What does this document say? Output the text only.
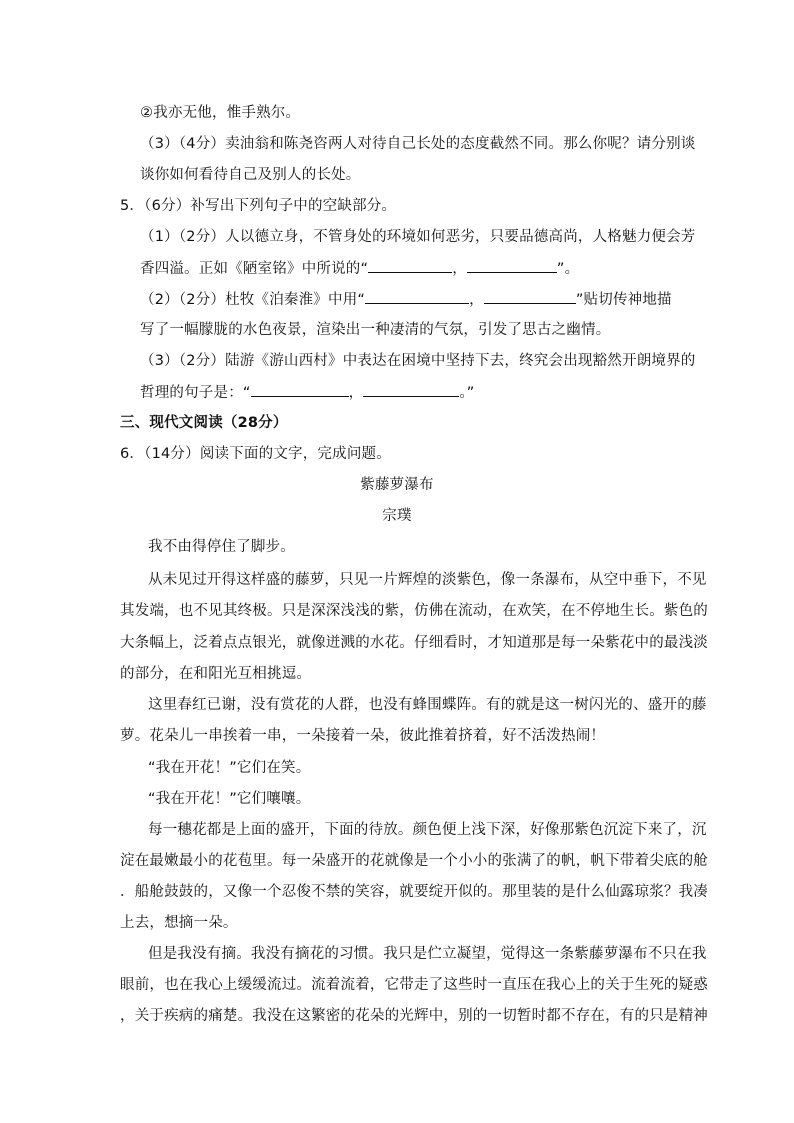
②我亦无他，惟手熟尔。
（3）（4分）卖油翁和陈尧咨两人对待自己长处的态度截然不同。那么你呢？请分别谈
谈你如何看待自己及别人的长处。
5．（6分）补写出下列句子中的空缺部分。
（1）（2分）人以德立身，不管身处的环境如何恶劣，只要品德高尚，人格魅力便会芳
香四溢。正如《陋室铭》中所说的“	，	”。
（2）（2分）杜牧《泊秦淮》中用“	，	”贴切传神地描
写了一幅朦胧的水色夜景，渲染出一种凄清的气氛，引发了思古之幽情。
（3）（2分）陆游《游山西村》中表达在困境中坚持下去，终究会出现豁然开朗境界的
哲理的句子是：“	，	。”
三、现代文阅读（28分）
6．（14分）阅读下面的文字，完成问题。
紫藤萝瀑布
宗璞
我不由得停住了脚步。
从未见过开得这样盛的藤萝，只见一片辉煌的淡紫色，像一条瀑布，从空中垂下，不见
其发端，也不见其终极。只是深深浅浅的紫，仿佛在流动，在欢笑，在不停地生长。紫色的
大条幅上，泛着点点银光，就像迸溅的水花。仔细看时，才知道那是每一朵紫花中的最浅淡
的部分，在和阳光互相挑逗。
这里春红已谢，没有赏花的人群，也没有蜂围蝶阵。有的就是这一树闪光的、盛开的藤
萝。花朵儿一串挨着一串，一朵接着一朵，彼此推着挤着，好不活泼热闹！
“我在开花！”它们在笑。
“我在开花！”它们嚷嚷。
每一穗花都是上面的盛开，下面的待放。颜色便上浅下深，好像那紫色沉淀下来了，沉
淀在最嫩最小的花苞里。每一朵盛开的花就像是一个小小的张满了的帆，帆下带着尖底的舱
．船舱鼓鼓的，又像一个忍俊不禁的笑容，就要绽开似的。那里装的是什么仙露琼浆？我凑
上去，想摘一朵。
但是我没有摘。我没有摘花的习惯。我只是伫立凝望，觉得这一条紫藤萝瀑布不只在我
眼前，也在我心上缓缓流过。流着流着，它带走了这些时一直压在我心上的关于生死的疑惑
，关于疾病的痛楚。我没在这繁密的花朵的光辉中，别的一切暂时都不存在，有的只是精神
